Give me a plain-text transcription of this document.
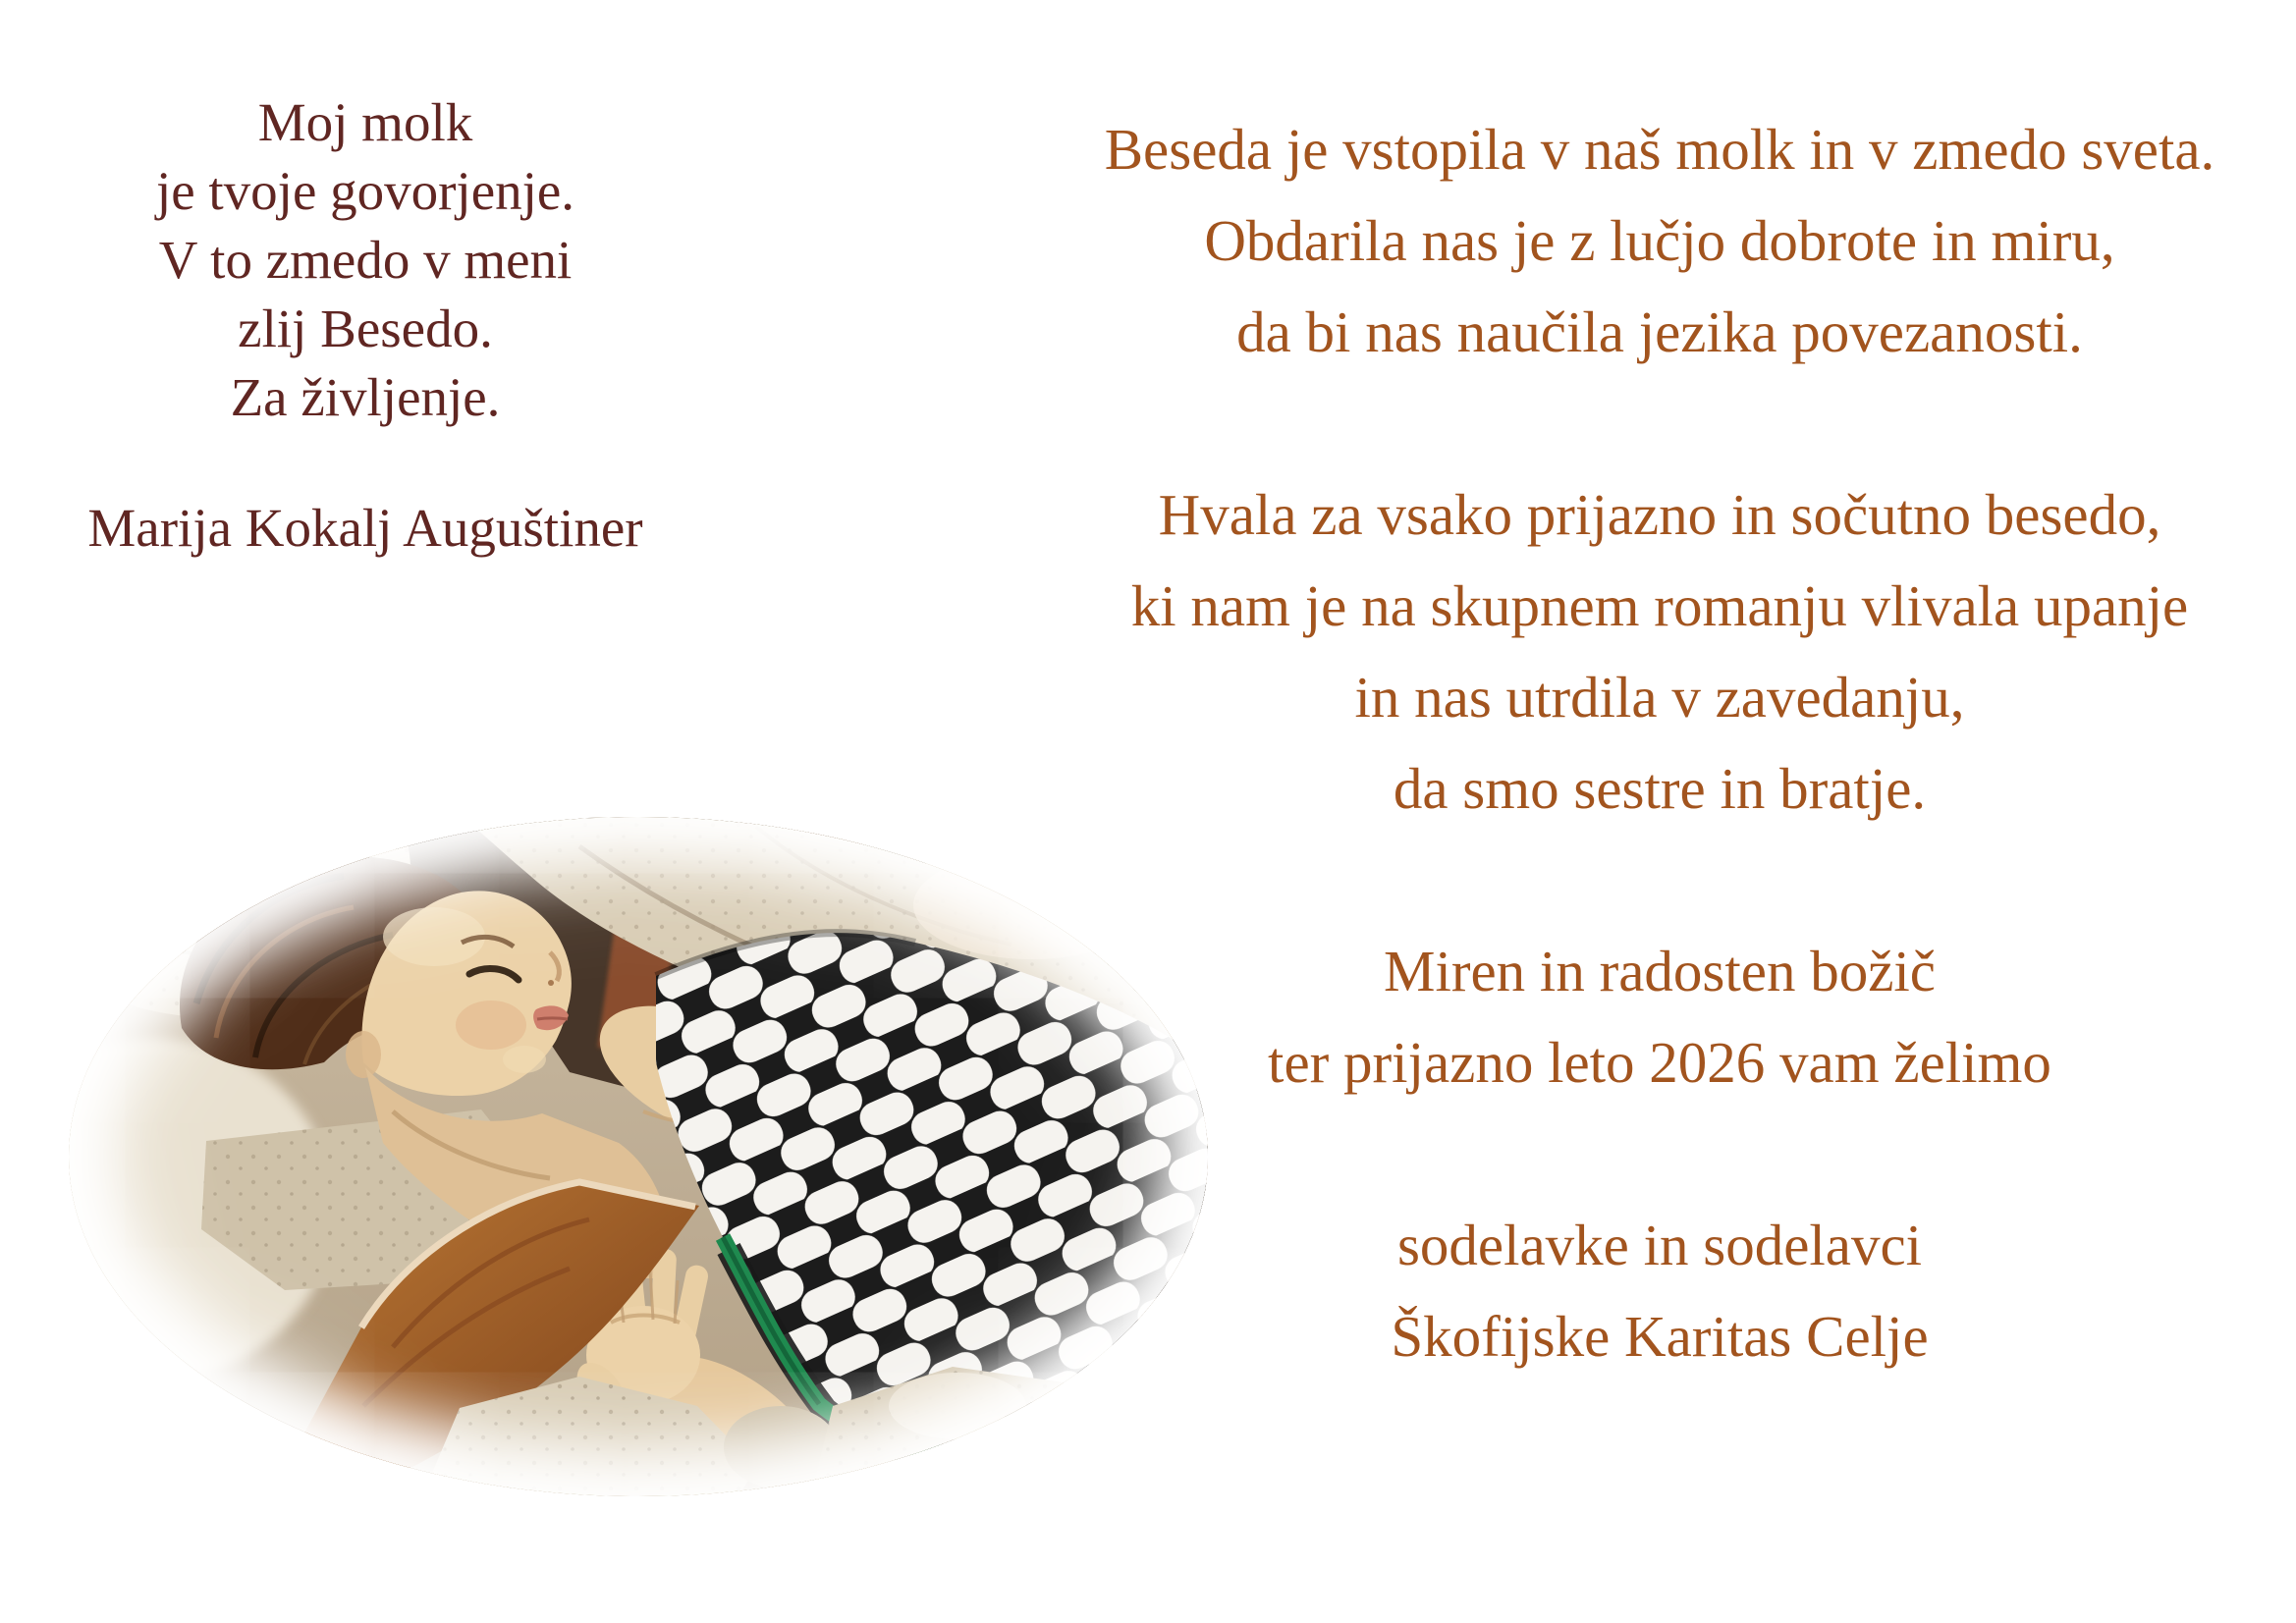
Moj molk
je tvoje govorjenje.
V to zmedo v meni
zlij Besedo.
Za življenje.
Marija Kokalj Auguštiner
Beseda je vstopila v naš molk in v zmedo sveta.
Obdarila nas je z lučjo dobrote in miru,
da bi nas naučila jezika povezanosti.
Hvala za vsako prijazno in sočutno besedo,
ki nam je na skupnem romanju vlivala upanje
in nas utrdila v zavedanju,
da smo sestre in bratje.
Miren in radosten božič
ter prijazno leto 2026 vam želimo
sodelavke in sodelavci
Škofijske Karitas Celje
